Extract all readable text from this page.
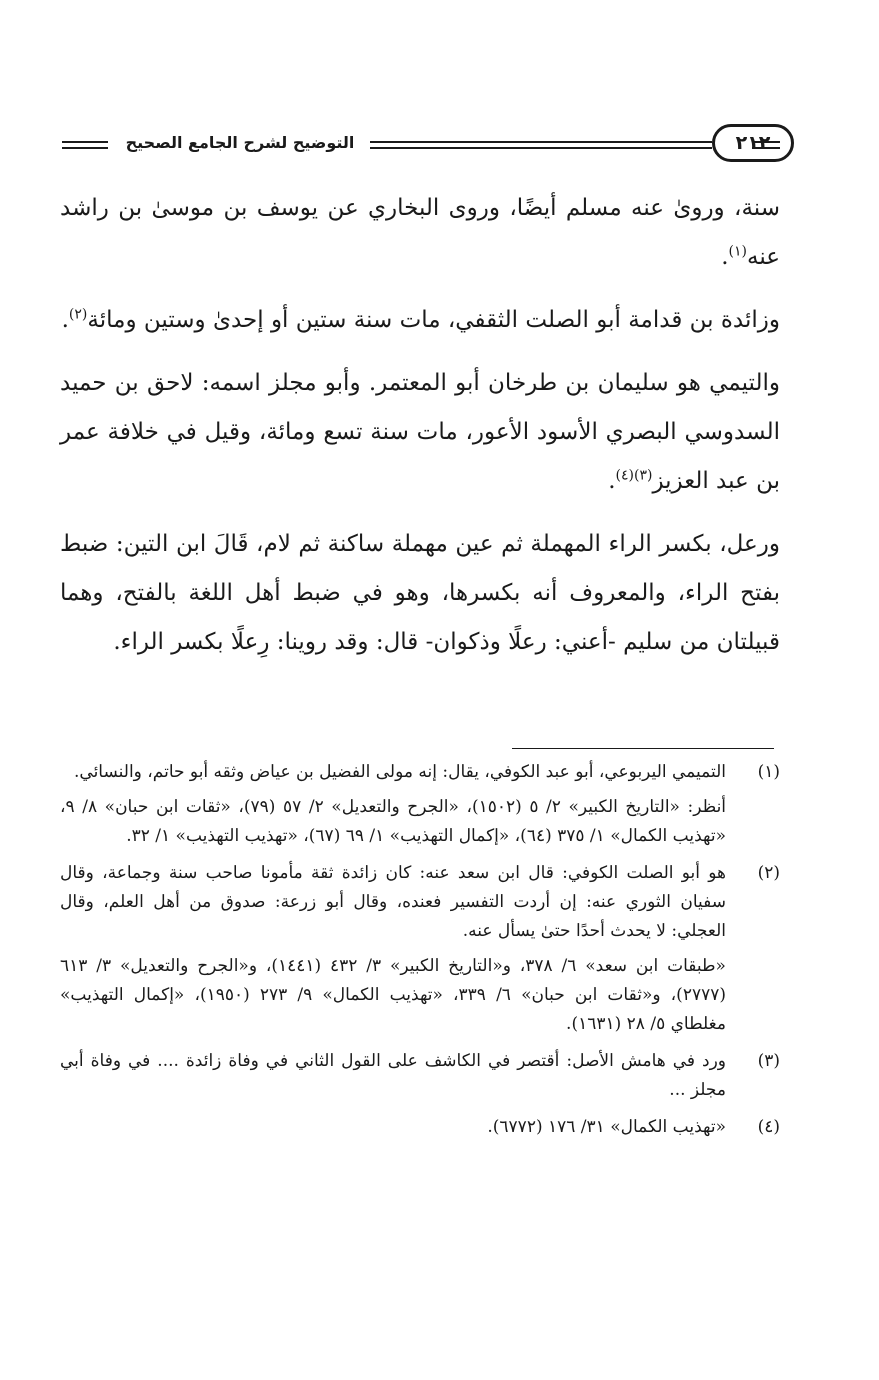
التوضيح لشرح الجامع الصحيح	٢١٢

سنة، وروىٰ عنه مسلم أيضًا، وروى البخاري عن يوسف بن موسىٰ بن راشد عنه$^{(١)}$.

وزائدة بن قدامة أبو الصلت الثقفي، مات سنة ستين أو إحدىٰ وستين ومائة$^{(٢)}$.

والتيمي هو سليمان بن طرخان أبو المعتمر. وأبو مجلز اسمه: لاحق بن حميد السدوسي البصري الأسود الأعور، مات سنة تسع ومائة، وقيل في خلافة عمر بن عبد العزيز$^{(٣)(٤)}$.

ورعل، بكسر الراء المهملة ثم عين مهملة ساكنة ثم لام، قَالَ ابن التين: ضبط بفتح الراء، والمعروف أنه بكسرها، وهو في ضبط أهل اللغة بالفتح، وهما قبيلتان من سليم -أعني: رعلًا وذكوان- قال: وقد روينا: رِعلًا بكسر الراء.

(١)
التميمي اليربوعي، أبو عبد الكوفي، يقال: إنه مولى الفضيل بن عياض وثقه أبو حاتم، والنسائي.
أنظر: «التاريخ الكبير» ٢/ ٥ (١٥٠٢)، «الجرح والتعديل» ٢/ ٥٧ (٧٩)، «ثقات ابن حبان» ٨/ ٩، «تهذيب الكمال» ١/ ٣٧٥ (٦٤)، «إكمال التهذيب» ١/ ٦٩ (٦٧)، «تهذيب التهذيب» ١/ ٣٢.
(٢)
هو أبو الصلت الكوفي: قال ابن سعد عنه: كان زائدة ثقة مأمونا صاحب سنة وجماعة، وقال سفيان الثوري عنه: إن أردت التفسير فعنده، وقال أبو زرعة: صدوق من أهل العلم، وقال العجلي: لا يحدث أحدًا حتىٰ يسأل عنه.
«طبقات ابن سعد» ٦/ ٣٧٨، و«التاريخ الكبير» ٣/ ٤٣٢ (١٤٤١)، و«الجرح والتعديل» ٣/ ٦١٣ (٢٧٧٧)، و«ثقات ابن حبان» ٦/ ٣٣٩، «تهذيب الكمال» ٩/ ٢٧٣ (١٩٥٠)، «إكمال التهذيب» مغلطاي ٥/ ٢٨ (١٦٣١).
(٣)
ورد في هامش الأصل: أقتصر في الكاشف على القول الثاني في وفاة زائدة .... في وفاة أبي مجلز ...
(٤)
«تهذيب الكمال» ٣١/ ١٧٦ (٦٧٧٢).
